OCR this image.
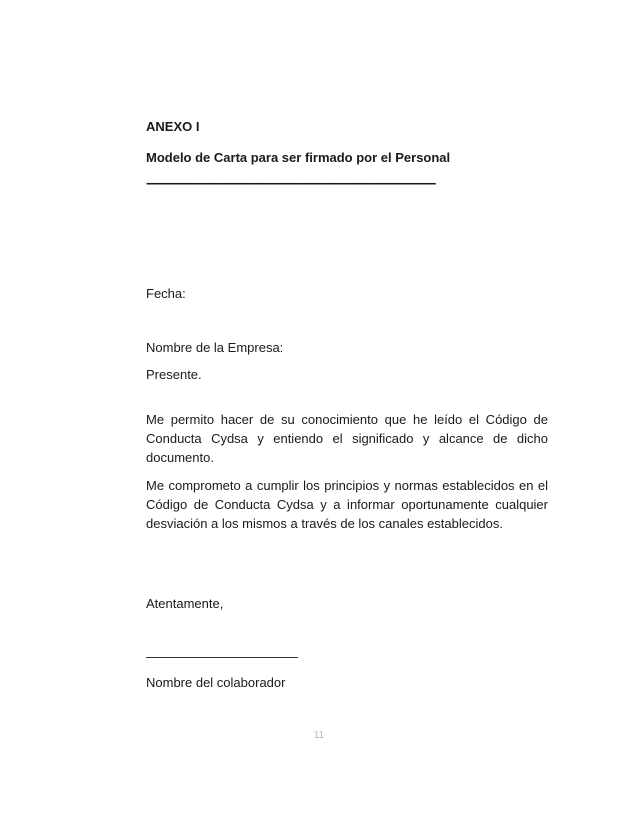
ANEXO I
Modelo de Carta para ser firmado por el Personal
-------------------------------------------------------------------------------------------------
Fecha:
Nombre de la Empresa:
Presente.
Me permito hacer de su conocimiento que he leído el Código de Conducta Cydsa y entiendo el significado y alcance de dicho documento.
Me comprometo a cumplir los principios y normas establecidos en el Código de Conducta Cydsa y a informar oportunamente cualquier desviación a los mismos a través de los canales establecidos.
Atentamente,
Nombre del colaborador
11
